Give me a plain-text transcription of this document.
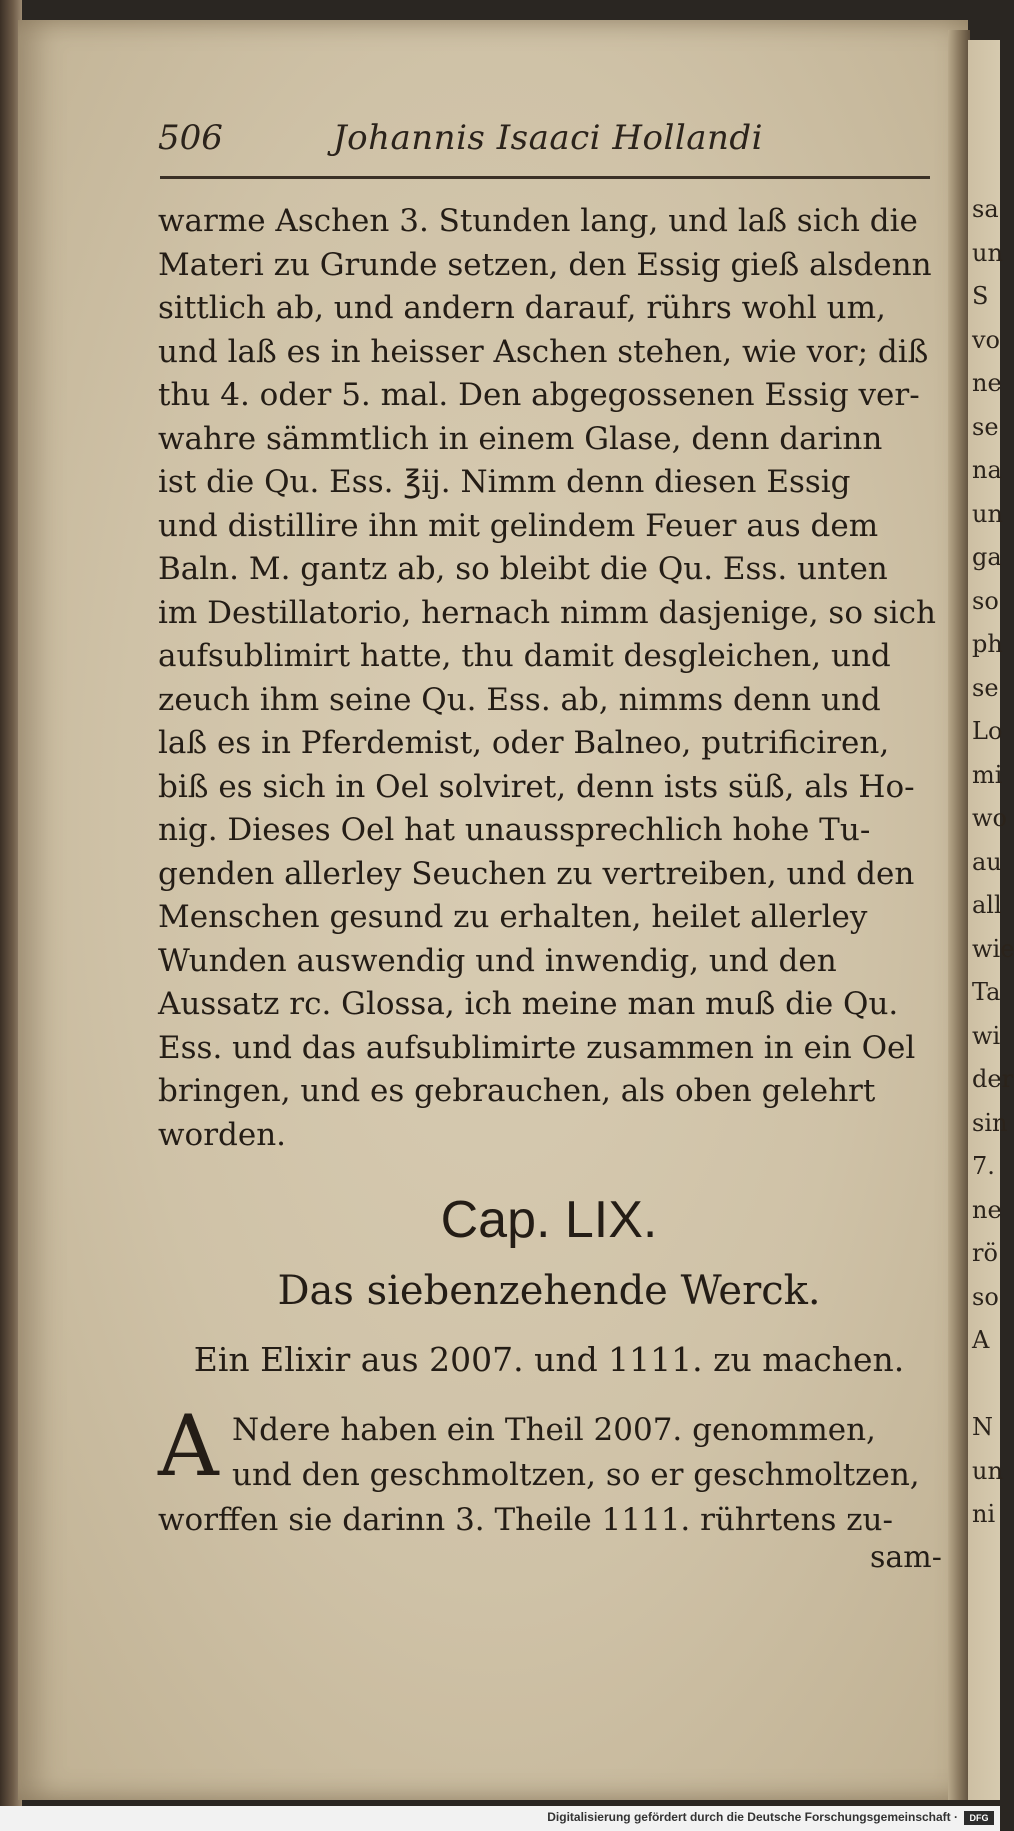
sa
un
S
vo
ne
se
na
un
ga
so
ph
se
Lo
mi
wo
au
all
wie
Ta
wi
der
sin
7.
ne
rö
so
A
N
un
ni
506	Johannis Isaaci Hollandi
warme Aschen 3. Stunden lang, und laß sich die
Materi zu Grunde setzen, den Essig gieß alsdenn
sittlich ab, und andern darauf, rührs wohl um,
und laß es in heisser Aschen stehen, wie vor; diß
thu 4. oder 5. mal. Den abgegossenen Essig ver-
wahre sämmtlich in einem Glase, denn darinn
ist die Qu. Ess. ℥ij. Nimm denn diesen Essig
und distillire ihn mit gelindem Feuer aus dem
Baln. M. gantz ab, so bleibt die Qu. Ess. unten
im Destillatorio, hernach nimm dasjenige, so sich
aufsublimirt hatte, thu damit desgleichen, und
zeuch ihm seine Qu. Ess. ab, nimms denn und
laß es in Pferdemist, oder Balneo, putrificiren,
biß es sich in Oel solviret, denn ists süß, als Ho-
nig. Dieses Oel hat unaussprechlich hohe Tu-
genden allerley Seuchen zu vertreiben, und den
Menschen gesund zu erhalten, heilet allerley
Wunden auswendig und inwendig, und den
Aussatz rc. Glossa, ich meine man muß die Qu.
Ess. und das aufsublimirte zusammen in ein Oel
bringen, und es gebrauchen, als oben gelehrt
worden.
Cap. LIX.
Das siebenzehende Werck.
Ein Elixir aus 2007. und 1111. zu machen.
A Ndere haben ein Theil 2007. genommen,
und den geschmoltzen, so er geschmoltzen,
worffen sie darinn 3. Theile 1111. rührtens zu-
sam-
Digitalisierung gefördert durch die Deutsche Forschungsgemeinschaft ·	DFG
